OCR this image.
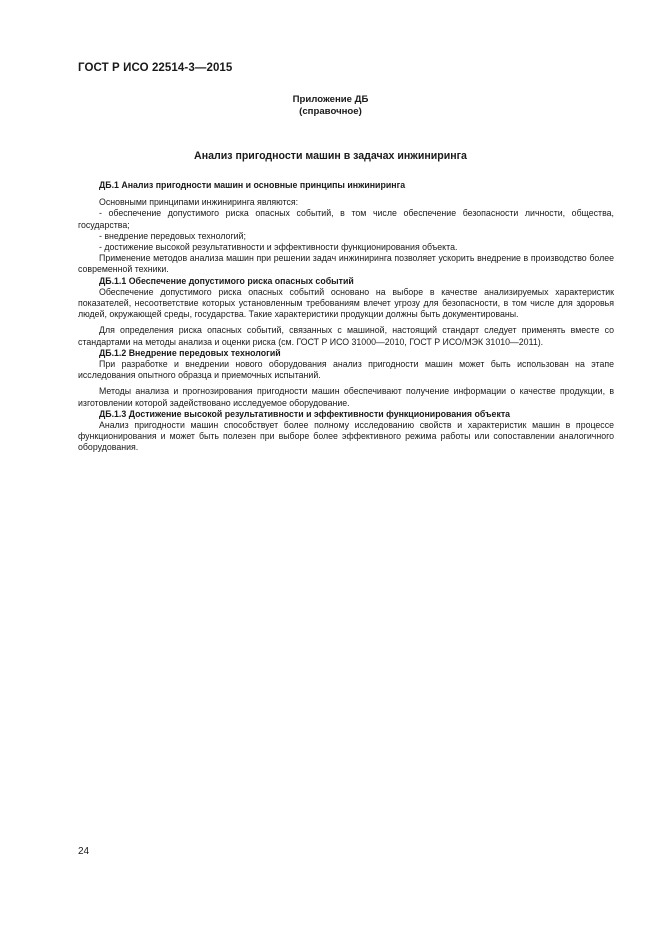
ГОСТ Р ИСО 22514-3—2015
Приложение ДБ
(справочное)
Анализ пригодности машин в задачах инжиниринга

ДБ.1 Анализ пригодности машин и основные принципы инжиниринга

Основными принципами инжиниринга являются:

- обеспечение допустимого риска опасных событий, в том числе обеспечение безопасности личности, общества, государства;

- внедрение передовых технологий;

- достижение высокой результативности и эффективности функционирования объекта.

Применение методов анализа машин при решении задач инжиниринга позволяет ускорить внедрение в производство более современной техники.

ДБ.1.1 Обеспечение допустимого риска опасных событий

Обеспечение допустимого риска опасных событий основано на выборе в качестве анализируемых характеристик показателей, несоответствие которых установленным требованиям влечет угрозу для безопасности, в том числе для здоровья людей, окружающей среды, государства. Такие характеристики продукции должны быть документированы.

Для определения риска опасных событий, связанных с машиной, настоящий стандарт следует применять вместе со стандартами на методы анализа и оценки риска (см. ГОСТ Р ИСО 31000—2010, ГОСТ Р ИСО/МЭК 31010—2011).

ДБ.1.2 Внедрение передовых технологий

При разработке и внедрении нового оборудования анализ пригодности машин может быть использован на этапе исследования опытного образца и приемочных испытаний.

Методы анализа и прогнозирования пригодности машин обеспечивают получение информации о качестве продукции, в изготовлении которой задействовано исследуемое оборудование.

ДБ.1.3 Достижение высокой результативности и эффективности функционирования объекта

Анализ пригодности машин способствует более полному исследованию свойств и характеристик машин в процессе функционирования и может быть полезен при выборе более эффективного режима работы или сопоставлении аналогичного оборудования.

24
